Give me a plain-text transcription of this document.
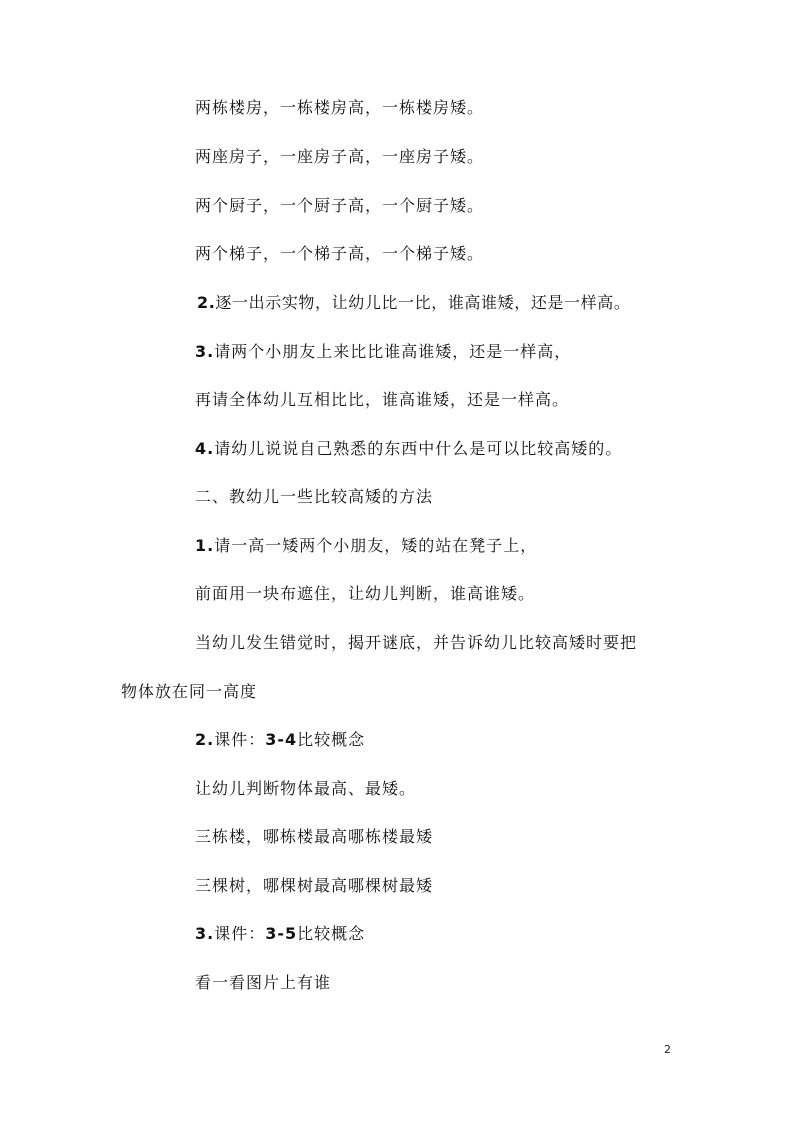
两栋楼房，一栋楼房高，一栋楼房矮。
两座房子，一座房子高，一座房子矮。
两个厨子，一个厨子高，一个厨子矮。
两个梯子，一个梯子高，一个梯子矮。
2.逐一出示实物，让幼儿比一比，谁高谁矮，还是一样高。
3.请两个小朋友上来比比谁高谁矮，还是一样高，
再请全体幼儿互相比比，谁高谁矮，还是一样高。
4.请幼儿说说自己熟悉的东西中什么是可以比较高矮的。
二、教幼儿一些比较高矮的方法
1.请一高一矮两个小朋友，矮的站在凳子上，
前面用一块布遮住，让幼儿判断，谁高谁矮。
当幼儿发生错觉时，揭开谜底，并告诉幼儿比较高矮时要把
物体放在同一高度
2.课件：3-4比较概念
让幼儿判断物体最高、最矮。
三栋楼，哪栋楼最高哪栋楼最矮
三棵树，哪棵树最高哪棵树最矮
3.课件：3-5比较概念
看一看图片上有谁
2
